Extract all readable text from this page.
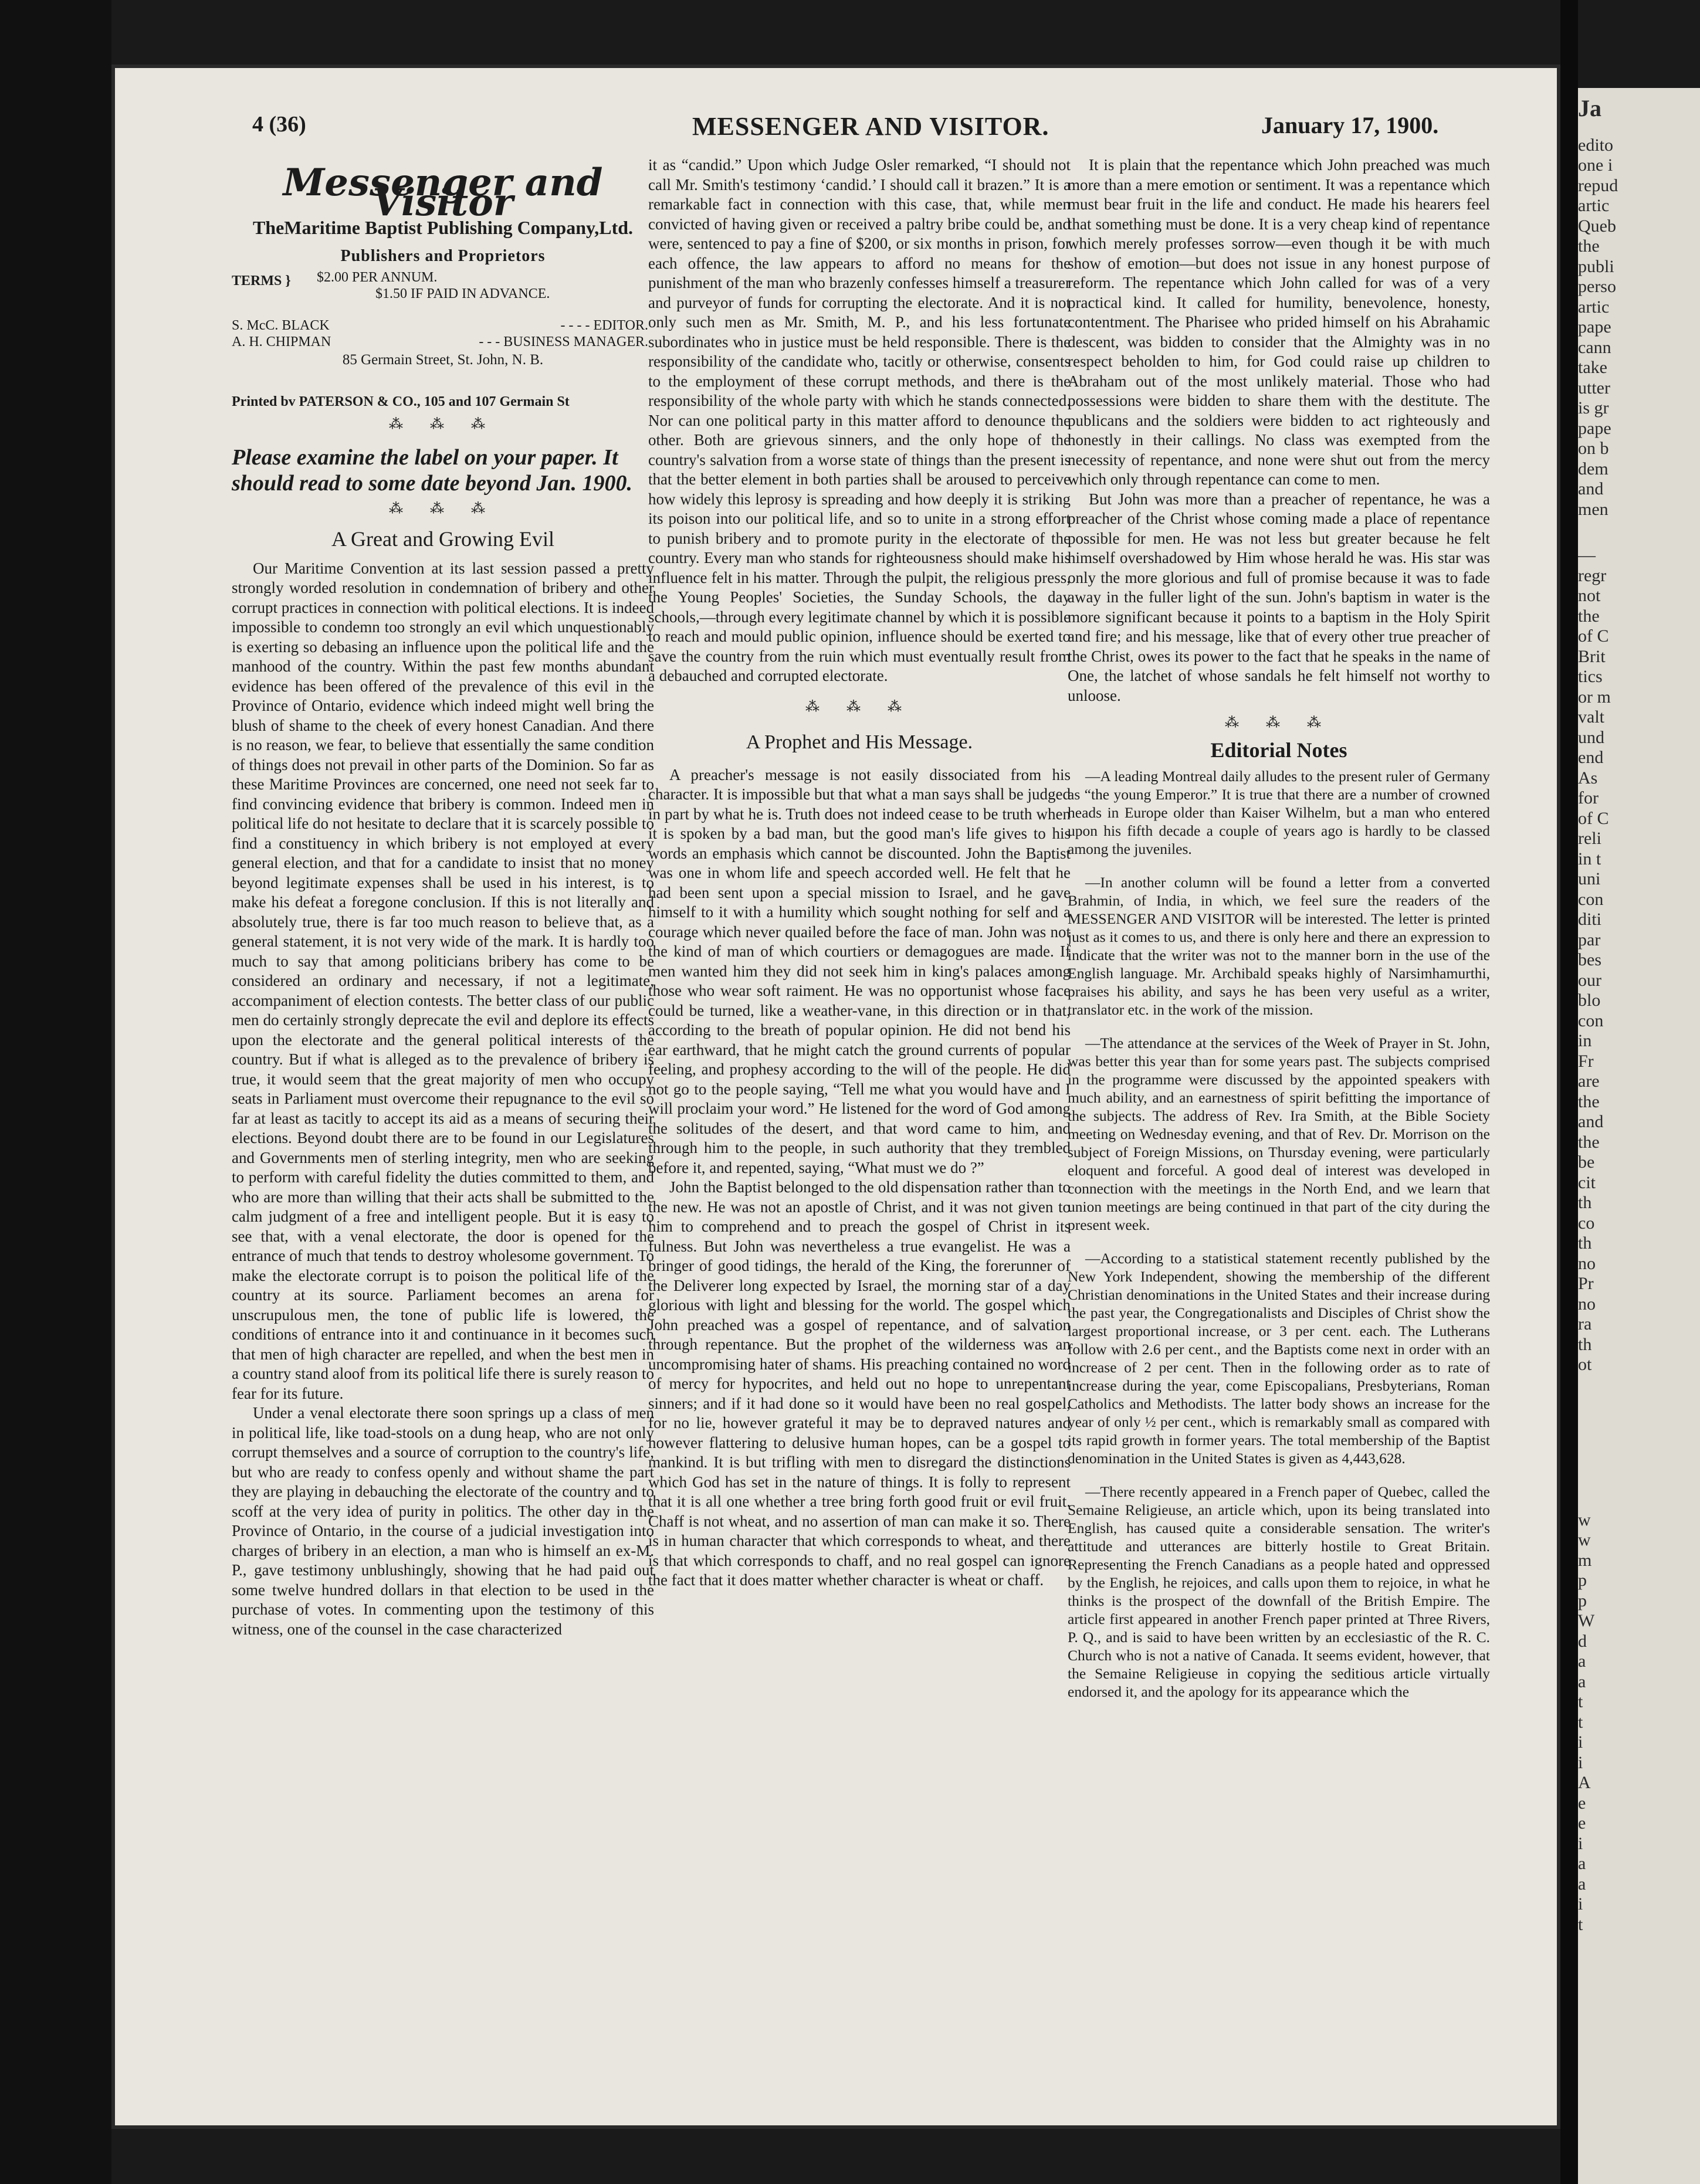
4 (36)	MESSENGER AND VISITOR.	January 17, 1900.
Messenger and Visitor
TheMaritime Baptist Publishing Company,Ltd.
Publishers and Proprietors
TERMS } $2.00 PER ANNUM.
$1.50 IF PAID IN ADVANCE.
S. McC. BLACK	- - - - EDITOR.
A. H. CHIPMAN	- - - BUSINESS MANAGER.
85 Germain Street, St. John, N. B.
Printed bv PATERSON & CO., 105 and 107 Germain St
⁂ ⁂ ⁂
Please examine the label on your paper. It should read to some date beyond Jan. 1900.
⁂ ⁂ ⁂
A Great and Growing Evil

Our Maritime Convention at its last session passed a pretty strongly worded resolution in condemnation of bribery and other corrupt practices in connection with political elections. It is indeed impossible to condemn too strongly an evil which unquestionably is exerting so debasing an influence upon the political life and the manhood of the country. Within the past few months abundant evidence has been offered of the prevalence of this evil in the Province of Ontario, evidence which indeed might well bring the blush of shame to the cheek of every honest Canadian. And there is no reason, we fear, to believe that essentially the same condition of things does not prevail in other parts of the Dominion. So far as these Maritime Provinces are concerned, one need not seek far to find convincing evidence that bribery is common. Indeed men in political life do not hesitate to declare that it is scarcely possible to find a constituency in which bribery is not employed at every general election, and that for a candidate to insist that no money beyond legitimate expenses shall be used in his interest, is to make his defeat a foregone conclusion. If this is not literally and absolutely true, there is far too much reason to believe that, as a general statement, it is not very wide of the mark. It is hardly too much to say that among politicians bribery has come to be considered an ordinary and necessary, if not a legitimate, accompaniment of election contests. The better class of our public men do certainly strongly deprecate the evil and deplore its effects upon the electorate and the general political interests of the country. But if what is alleged as to the prevalence of bribery is true, it would seem that the great majority of men who occupy seats in Parliament must overcome their repugnance to the evil so far at least as tacitly to accept its aid as a means of securing their elections. Beyond doubt there are to be found in our Legislatures and Governments men of sterling integrity, men who are seeking to perform with careful fidelity the duties committed to them, and who are more than willing that their acts shall be submitted to the calm judgment of a free and intelligent people. But it is easy to see that, with a venal electorate, the door is opened for the entrance of much that tends to destroy wholesome government. To make the electorate corrupt is to poison the political life of the country at its source. Parliament becomes an arena for unscrupulous men, the tone of public life is lowered, the conditions of entrance into it and continuance in it becomes such that men of high character are repelled, and when the best men in a country stand aloof from its political life there is surely reason to fear for its future.

Under a venal electorate there soon springs up a class of men in political life, like toad-stools on a dung heap, who are not only corrupt themselves and a source of corruption to the country's life, but who are ready to confess openly and without shame the part they are playing in debauching the electorate of the country and to scoff at the very idea of purity in politics. The other day in the Province of Ontario, in the course of a judicial investigation into charges of bribery in an election, a man who is himself an ex-M. P., gave testimony unblushingly, showing that he had paid out some twelve hundred dollars in that election to be used in the purchase of votes. In commenting upon the testimony of this witness, one of the counsel in the case characterized

it as “candid.” Upon which Judge Osler remarked, “I should not call Mr. Smith's testimony ‘candid.’ I should call it brazen.” It is a remarkable fact in connection with this case, that, while men convicted of having given or received a paltry bribe could be, and were, sentenced to pay a fine of $200, or six months in prison, for each offence, the law appears to afford no means for the punishment of the man who brazenly confesses himself a treasurer and purveyor of funds for corrupting the electorate. And it is not only such men as Mr. Smith, M. P., and his less fortunate subordinates who in justice must be held responsible. There is the responsibility of the candidate who, tacitly or otherwise, consents to the employment of these corrupt methods, and there is the responsibility of the whole party with which he stands connected. Nor can one political party in this matter afford to denounce the other. Both are grievous sinners, and the only hope of the country's salvation from a worse state of things than the present is that the better element in both parties shall be aroused to perceive how widely this leprosy is spreading and how deeply it is striking its poison into our political life, and so to unite in a strong effort to punish bribery and to promote purity in the electorate of the country. Every man who stands for righteousness should make his influence felt in his matter. Through the pulpit, the religious press, the Young Peoples' Societies, the Sunday Schools, the day schools,—through every legitimate channel by which it is possible to reach and mould public opinion, influence should be exerted to save the country from the ruin which must eventually result from a debauched and corrupted electorate.

⁂ ⁂ ⁂
A Prophet and His Message.

A preacher's message is not easily dissociated from his character. It is impossible but that what a man says shall be judged in part by what he is. Truth does not indeed cease to be truth when it is spoken by a bad man, but the good man's life gives to his words an emphasis which cannot be discounted. John the Baptist was one in whom life and speech accorded well. He felt that he had been sent upon a special mission to Israel, and he gave himself to it with a humility which sought nothing for self and a courage which never quailed before the face of man. John was not the kind of man of which courtiers or demagogues are made. If men wanted him they did not seek him in king's palaces among those who wear soft raiment. He was no opportunist whose face could be turned, like a weather-vane, in this direction or in that, according to the breath of popular opinion. He did not bend his ear earthward, that he might catch the ground currents of popular feeling, and prophesy according to the will of the people. He did not go to the people saying, “Tell me what you would have and I will proclaim your word.” He listened for the word of God among the solitudes of the desert, and that word came to him, and through him to the people, in such authority that they trembled before it, and repented, saying, “What must we do ?”

John the Baptist belonged to the old dispensation rather than to the new. He was not an apostle of Christ, and it was not given to him to comprehend and to preach the gospel of Christ in its fulness. But John was nevertheless a true evangelist. He was a bringer of good tidings, the herald of the King, the forerunner of the Deliverer long expected by Israel, the morning star of a day glorious with light and blessing for the world. The gospel which John preached was a gospel of repentance, and of salvation through repentance. But the prophet of the wilderness was an uncompromising hater of shams. His preaching contained no word of mercy for hypocrites, and held out no hope to unrepentant sinners; and if it had done so it would have been no real gospel, for no lie, however grateful it may be to depraved natures and however flattering to delusive human hopes, can be a gospel to mankind. It is but trifling with men to disregard the distinctions which God has set in the nature of things. It is folly to represent that it is all one whether a tree bring forth good fruit or evil fruit. Chaff is not wheat, and no assertion of man can make it so. There is in human character that which corresponds to wheat, and there is that which corresponds to chaff, and no real gospel can ignore the fact that it does matter whether character is wheat or chaff.

It is plain that the repentance which John preached was much more than a mere emotion or sentiment. It was a repentance which must bear fruit in the life and conduct. He made his hearers feel that something must be done. It is a very cheap kind of repentance which merely professes sorrow—even though it be with much show of emotion—but does not issue in any honest purpose of reform. The repentance which John called for was of a very practical kind. It called for humility, benevolence, honesty, contentment. The Pharisee who prided himself on his Abrahamic descent, was bidden to consider that the Almighty was in no respect beholden to him, for God could raise up children to Abraham out of the most unlikely material. Those who had possessions were bidden to share them with the destitute. The publicans and the soldiers were bidden to act righteously and honestly in their callings. No class was exempted from the necessity of repentance, and none were shut out from the mercy which only through repentance can come to men.

But John was more than a preacher of repentance, he was a preacher of the Christ whose coming made a place of repentance possible for men. He was not less but greater because he felt himself overshadowed by Him whose herald he was. His star was only the more glorious and full of promise because it was to fade away in the fuller light of the sun. John's baptism in water is the more significant because it points to a baptism in the Holy Spirit and fire; and his message, like that of every other true preacher of the Christ, owes its power to the fact that he speaks in the name of One, the latchet of whose sandals he felt himself not worthy to unloose.

⁂ ⁂ ⁂
Editorial Notes

—A leading Montreal daily alludes to the present ruler of Germany as “the young Emperor.” It is true that there are a number of crowned heads in Europe older than Kaiser Wilhelm, but a man who entered upon his fifth decade a couple of years ago is hardly to be classed among the juveniles.

—In another column will be found a letter from a converted Brahmin, of India, in which, we feel sure the readers of the MESSENGER AND VISITOR will be interested. The letter is printed just as it comes to us, and there is only here and there an expression to indicate that the writer was not to the manner born in the use of the English language. Mr. Archibald speaks highly of Narsimhamurthi, praises his ability, and says he has been very useful as a writer, translator etc. in the work of the mission.

—The attendance at the services of the Week of Prayer in St. John, was better this year than for some years past. The subjects comprised in the programme were discussed by the appointed speakers with much ability, and an earnestness of spirit befitting the importance of the subjects. The address of Rev. Ira Smith, at the Bible Society meeting on Wednesday evening, and that of Rev. Dr. Morrison on the subject of Foreign Missions, on Thursday evening, were particularly eloquent and forceful. A good deal of interest was developed in connection with the meetings in the North End, and we learn that union meetings are being continued in that part of the city during the present week.

—According to a statistical statement recently published by the New York Independent, showing the membership of the different Christian denominations in the United States and their increase during the past year, the Congregationalists and Disciples of Christ show the largest proportional increase, or 3 per cent. each. The Lutherans follow with 2.6 per cent., and the Baptists come next in order with an increase of 2 per cent. Then in the following order as to rate of increase during the year, come Episcopalians, Presbyterians, Roman Catholics and Methodists. The latter body shows an increase for the year of only ½ per cent., which is remarkably small as compared with its rapid growth in former years. The total membership of the Baptist denomination in the United States is given as 4,443,628.

—There recently appeared in a French paper of Quebec, called the Semaine Religieuse, an article which, upon its being translated into English, has caused quite a considerable sensation. The writer's attitude and utterances are bitterly hostile to Great Britain. Representing the French Canadians as a people hated and oppressed by the English, he rejoices, and calls upon them to rejoice, in what he thinks is the prospect of the downfall of the British Empire. The article first appeared in another French paper printed at Three Rivers, P. Q., and is said to have been written by an ecclesiastic of the R. C. Church who is not a native of Canada. It seems evident, however, that the Semaine Religieuse in copying the seditious article virtually endorsed it, and the apology for its appearance which the

Ja
edito
one i
repud
artic
Queb
the
publi
perso
artic
pape
cann
take
utter
is gr
pape
on b
dem
and
men
—
regr
not
the
of C
Brit
tics
or m
valt
und
end
As
for
of C
reli
in t
uni
con
diti
par
bes
our
blo
con
in
Fr
are
the
and
the
be
cit
th
co
th
no
Pr
no
ra
th
ot
w
w
m
p
p
W
d
a
a
t
t
i
i
A
e
e
i
a
a
i
t
